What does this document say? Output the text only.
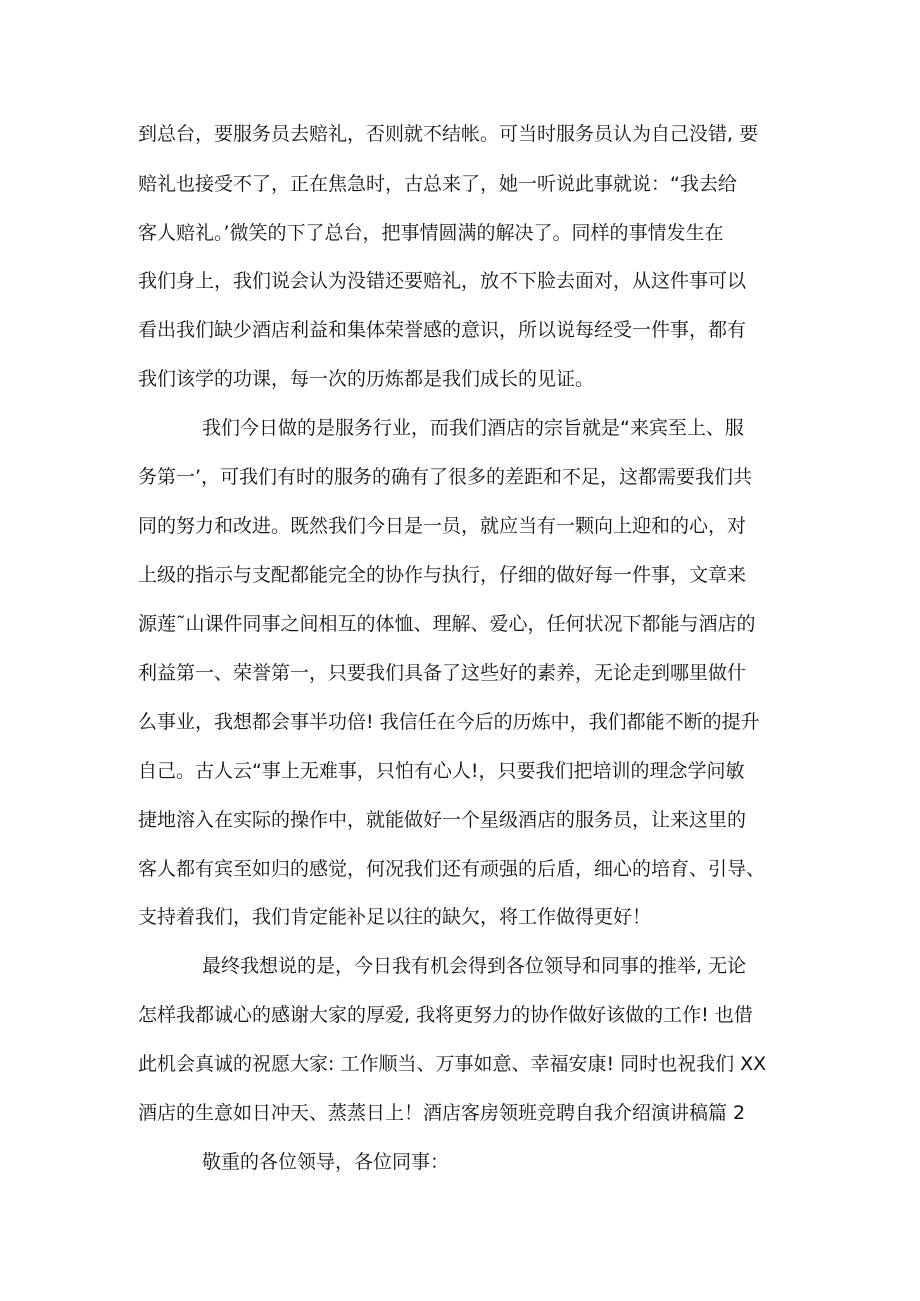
到总台，要服务员去赔礼，否则就不结帐。可当时服务员认为自己没错, 要
赔礼也接受不了，正在焦急时，古总来了，她一听说此事就说：“我去给
客人赔礼。’微笑的下了总台，把事情圆满的解决了。同样的事情发生在
我们身上，我们说会认为没错还要赔礼，放不下脸去面对，从这件事可以
看出我们缺少酒店利益和集体荣誉感的意识，所以说每经受一件事，都有
我们该学的功课，每一次的历炼都是我们成长的见证。
我们今日做的是服务行业，而我们酒店的宗旨就是“来宾至上、服
务第一’，可我们有时的服务的确有了很多的差距和不足，这都需要我们共
同的努力和改进。既然我们今日是一员，就应当有一颗向上迎和的心，对
上级的指示与支配都能完全的协作与执行，仔细的做好每一件事，文章来
源莲˜山课件同事之间相互的体恤、理解、爱心，任何状况下都能与酒店的
利益第一、荣誉第一，只要我们具备了这些好的素养，无论走到哪里做什
么事业，我想都会事半功倍! 我信任在今后的历炼中，我们都能不断的提升
自己。古人云“事上无难事，只怕有心人!，只要我们把培训的理念学问敏
捷地溶入在实际的操作中，就能做好一个星级酒店的服务员，让来这里的
客人都有宾至如归的感觉，何况我们还有顽强的后盾，细心的培育、引导、
支持着我们，我们肯定能补足以往的缺欠，将工作做得更好！
最终我想说的是，今日我有机会得到各位领导和同事的推举, 无论
怎样我都诚心的感谢大家的厚爱, 我将更努力的协作做好该做的工作! 也借
此机会真诚的祝愿大家: 工作顺当、万事如意、幸福安康! 同时也祝我们 XX
酒店的生意如日冲天、蒸蒸日上！酒店客房领班竞聘自我介绍演讲稿篇 2
敬重的各位领导，各位同事：
